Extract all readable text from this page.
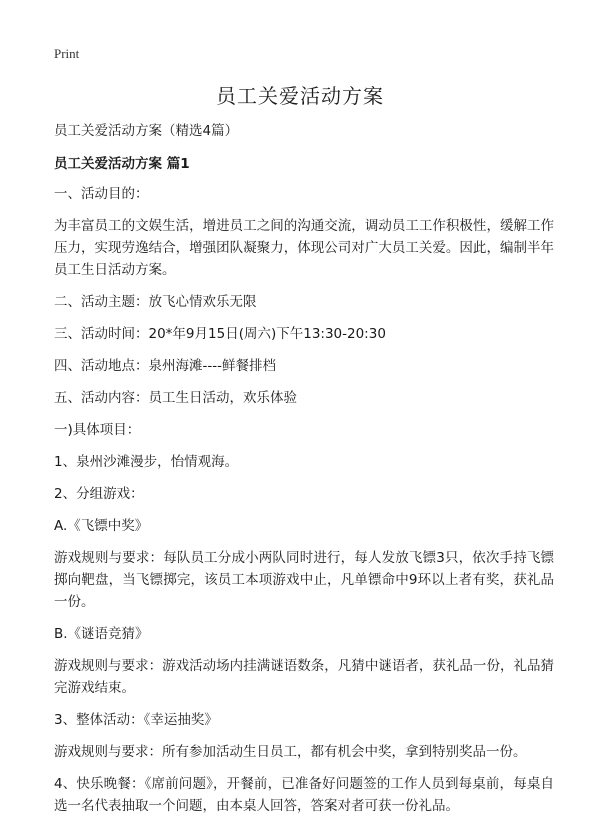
Print
员工关爱活动方案

员工关爱活动方案（精选4篇）

员工关爱活动方案 篇1

一、活动目的：

为丰富员工的文娱生活，增进员工之间的沟通交流，调动员工工作积极性，缓解工作压力，实现劳逸结合，增强团队凝聚力，体现公司对广大员工关爱。因此，编制半年员工生日活动方案。

二、活动主题：放飞心情欢乐无限

三、活动时间：20*年9月15日(周六)下午13:30-20:30

四、活动地点：泉州海滩----鲜餐排档

五、活动内容：员工生日活动，欢乐体验

一)具体项目：

1、泉州沙滩漫步，怡情观海。

2、分组游戏：

A.《飞镖中奖》

游戏规则与要求：每队员工分成小两队同时进行，每人发放飞镖3只，依次手持飞镖掷向靶盘，当飞镖掷完，该员工本项游戏中止，凡单镖命中9环以上者有奖，获礼品一份。

B.《谜语竞猜》

游戏规则与要求：游戏活动场内挂满谜语数条，凡猜中谜语者，获礼品一份，礼品猜完游戏结束。

3、整体活动：《幸运抽奖》

游戏规则与要求：所有参加活动生日员工，都有机会中奖，拿到特别奖品一份。

4、快乐晚餐：《席前问题》，开餐前，已准备好问题签的工作人员到每桌前，每桌自选一名代表抽取一个问题，由本桌人回答，答案对者可获一份礼品。
